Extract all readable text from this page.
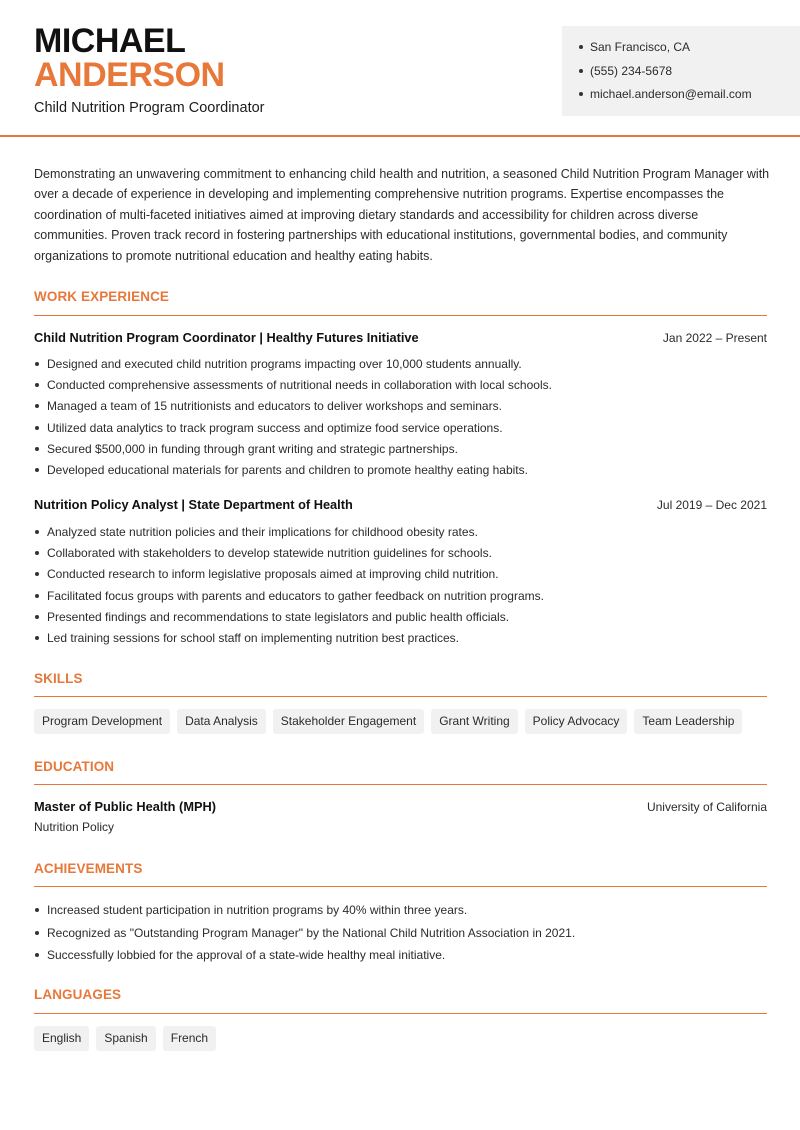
MICHAEL
ANDERSON
Child Nutrition Program Coordinator
San Francisco, CA
(555) 234-5678
michael.anderson@email.com

Demonstrating an unwavering commitment to enhancing child health and nutrition, a seasoned Child Nutrition Program Manager with over a decade of experience in developing and implementing comprehensive nutrition programs. Expertise encompasses the coordination of multi-faceted initiatives aimed at improving dietary standards and accessibility for children across diverse communities. Proven track record in fostering partnerships with educational institutions, governmental bodies, and community organizations to promote nutritional education and healthy eating habits.

WORK EXPERIENCE
Child Nutrition Program Coordinator | Healthy Futures Initiative	Jan 2022 – Present
Designed and executed child nutrition programs impacting over 10,000 students annually.
Conducted comprehensive assessments of nutritional needs in collaboration with local schools.
Managed a team of 15 nutritionists and educators to deliver workshops and seminars.
Utilized data analytics to track program success and optimize food service operations.
Secured $500,000 in funding through grant writing and strategic partnerships.
Developed educational materials for parents and children to promote healthy eating habits.
Nutrition Policy Analyst | State Department of Health	Jul 2019 – Dec 2021
Analyzed state nutrition policies and their implications for childhood obesity rates.
Collaborated with stakeholders to develop statewide nutrition guidelines for schools.
Conducted research to inform legislative proposals aimed at improving child nutrition.
Facilitated focus groups with parents and educators to gather feedback on nutrition programs.
Presented findings and recommendations to state legislators and public health officials.
Led training sessions for school staff on implementing nutrition best practices.
SKILLS
Program Development	Data Analysis	Stakeholder Engagement	Grant Writing	Policy Advocacy	Team Leadership
EDUCATION
Master of Public Health (MPH)	University of California
Nutrition Policy
ACHIEVEMENTS
Increased student participation in nutrition programs by 40% within three years.
Recognized as "Outstanding Program Manager" by the National Child Nutrition Association in 2021.
Successfully lobbied for the approval of a state-wide healthy meal initiative.
LANGUAGES
English	Spanish	French
